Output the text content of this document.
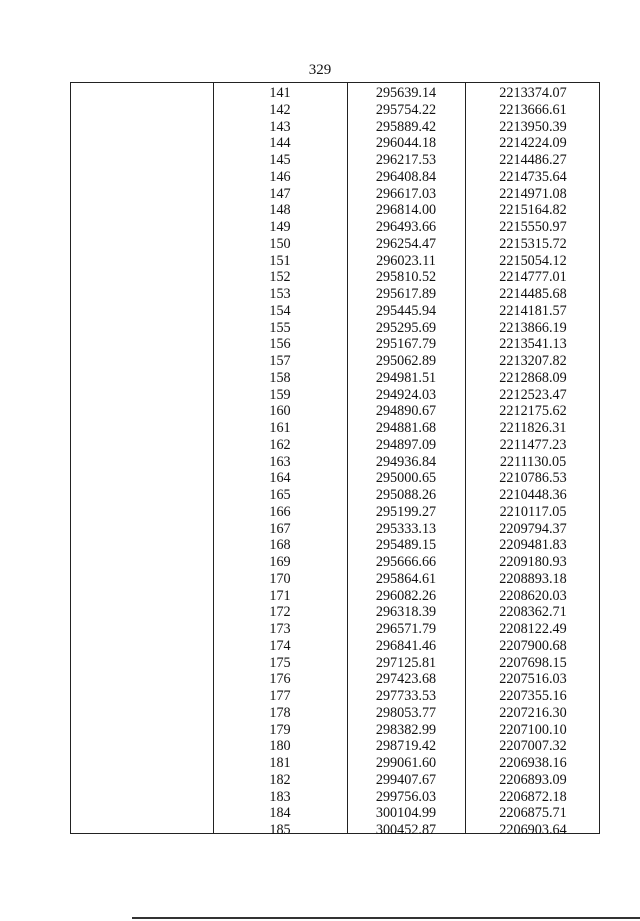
329
141	295639.14	2213374.07
142	295754.22	2213666.61
143	295889.42	2213950.39
144	296044.18	2214224.09
145	296217.53	2214486.27
146	296408.84	2214735.64
147	296617.03	2214971.08
148	296814.00	2215164.82
149	296493.66	2215550.97
150	296254.47	2215315.72
151	296023.11	2215054.12
152	295810.52	2214777.01
153	295617.89	2214485.68
154	295445.94	2214181.57
155	295295.69	2213866.19
156	295167.79	2213541.13
157	295062.89	2213207.82
158	294981.51	2212868.09
159	294924.03	2212523.47
160	294890.67	2212175.62
161	294881.68	2211826.31
162	294897.09	2211477.23
163	294936.84	2211130.05
164	295000.65	2210786.53
165	295088.26	2210448.36
166	295199.27	2210117.05
167	295333.13	2209794.37
168	295489.15	2209481.83
169	295666.66	2209180.93
170	295864.61	2208893.18
171	296082.26	2208620.03
172	296318.39	2208362.71
173	296571.79	2208122.49
174	296841.46	2207900.68
175	297125.81	2207698.15
176	297423.68	2207516.03
177	297733.53	2207355.16
178	298053.77	2207216.30
179	298382.99	2207100.10
180	298719.42	2207007.32
181	299061.60	2206938.16
182	299407.67	2206893.09
183	299756.03	2206872.18
184	300104.99	2206875.71
185	300452.87	2206903.64
